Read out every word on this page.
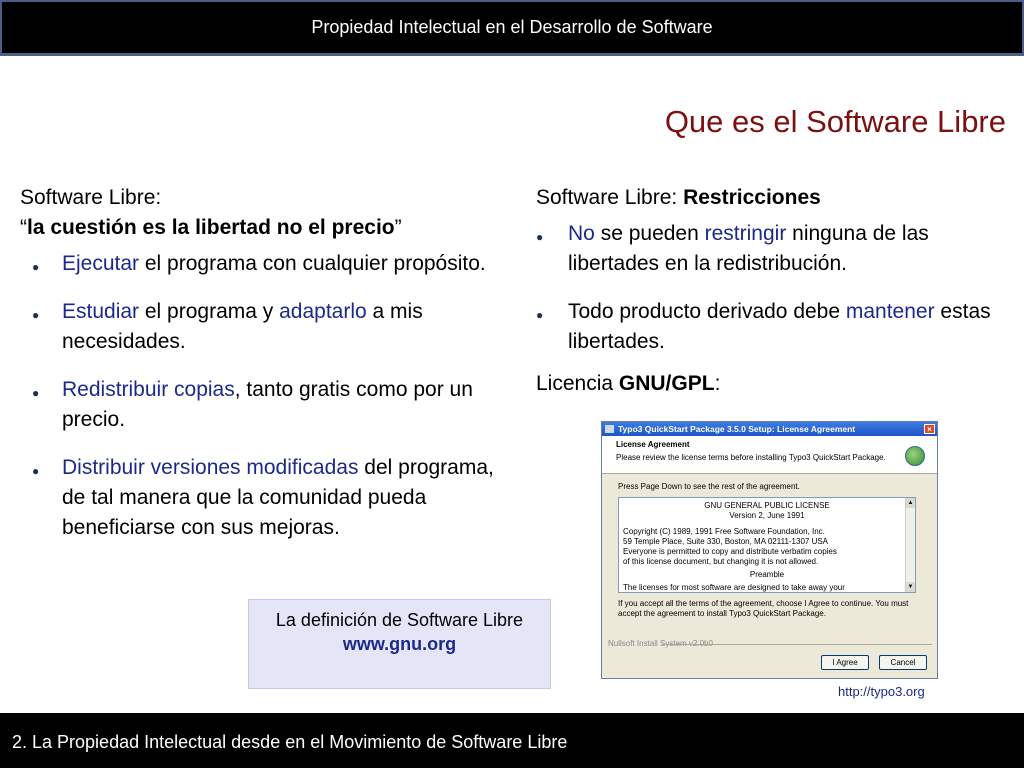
Propiedad Intelectual en el Desarrollo de Software
Que es el Software Libre

Software Libre:
“la cuestión es la libertad no el precio”

● Ejecutar el programa con cualquier propósito.
● Estudiar el programa y adaptarlo a mis necesidades.
● Redistribuir copias, tanto gratis como por un precio.
● Distribuir versiones modificadas del programa, de tal manera que la comunidad pueda beneficiarse con sus mejoras.

Software Libre: Restricciones

● No se pueden restringir ninguna de las libertades en la redistribución.
● Todo producto derivado debe mantener estas libertades.

Licencia GNU/GPL:

La definición de Software Libre
www.gnu.org
Typo3 QuickStart Package 3.5.0 Setup: License Agreement	×
License Agreement
Please review the license terms before installing Typo3 QuickStart Package.
Press Page Down to see the rest of the agreement.
GNU GENERAL PUBLIC LICENSE
Version 2, June 1991
Copyright (C) 1989, 1991 Free Software Foundation, Inc.
59 Temple Place, Suite 330, Boston, MA 02111-1307 USA
Everyone is permitted to copy and distribute verbatim copies
of this license document, but changing it is not allowed.
Preamble
The licenses for most software are designed to take away your
▲
▼
If you accept all the terms of the agreement, choose I Agree to continue. You must accept the agreement to install Typo3 QuickStart Package.
Nullsoft Install System v2.0b0
I Agree	Cancel
http://typo3.org
2. La Propiedad Intelectual desde en el Movimiento de Software Libre
